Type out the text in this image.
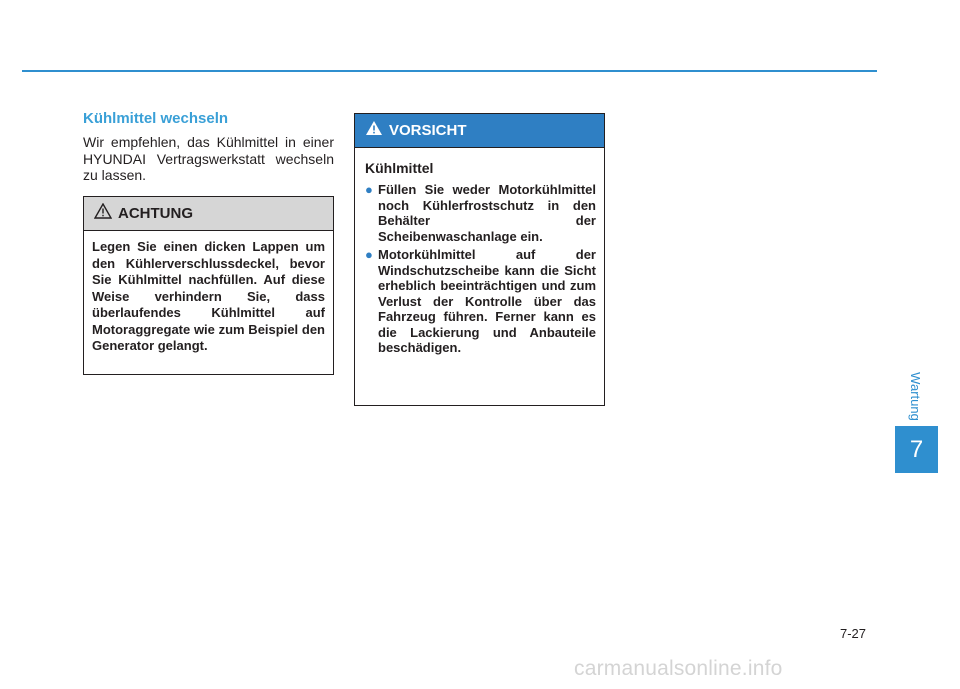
Kühlmittel wechseln

Wir empfehlen, das Kühlmittel in einer HYUNDAI Vertragswerkstatt wechseln zu lassen.

ACHTUNG
Legen Sie einen dicken Lappen um den Kühlerverschlussdeckel, bevor Sie Kühlmittel nachfüllen. Auf diese Weise verhindern Sie, dass überlaufendes Kühlmittel auf Motoraggregate wie zum Beispiel den Generator gelangt.
VORSICHT
Kühlmittel
● Füllen Sie weder Motorkühlmittel noch Kühlerfrostschutz in den Behälter der Scheibenwaschanlage ein.
● Motorkühlmittel auf der Windschutzscheibe kann die Sicht erheblich beeinträchtigen und zum Verlust der Kontrolle über das Fahrzeug führen. Ferner kann es die Lackierung und Anbauteile beschädigen.
Wartung
7
7-27
carmanualsonline.info
